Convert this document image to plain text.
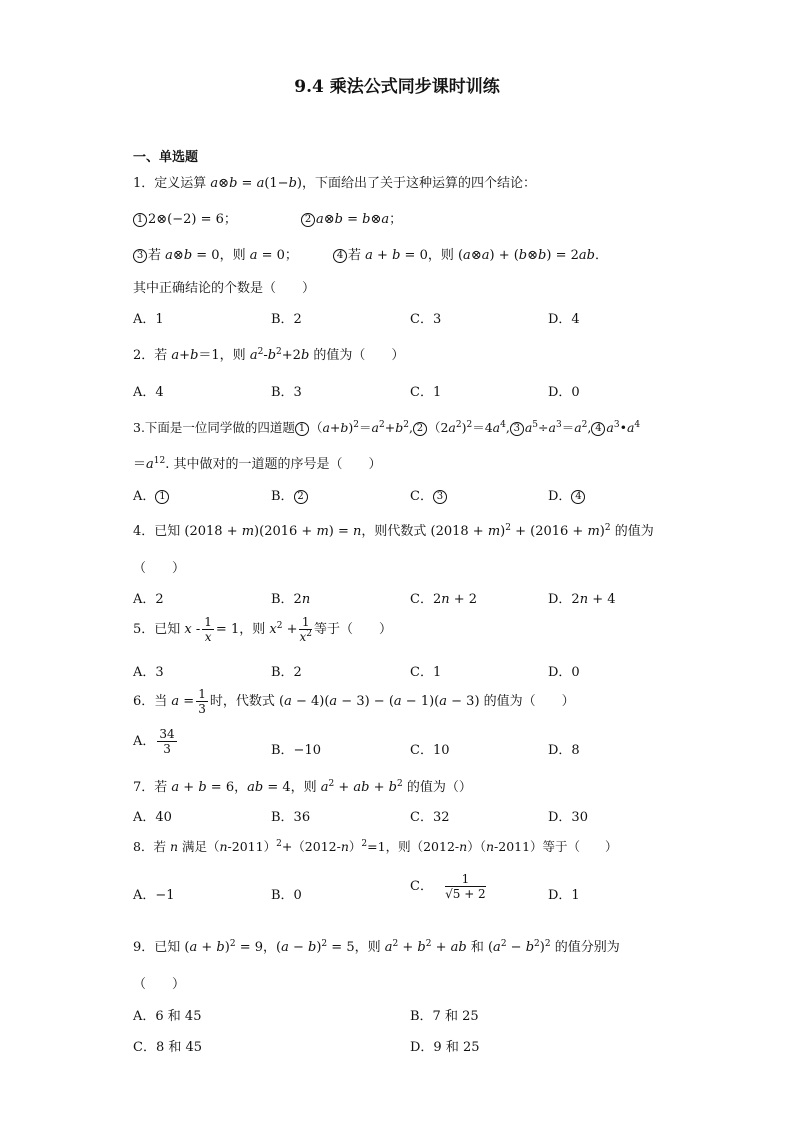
9.4 乘法公式同步课时训练
一、单选题
1．定义运算 a⊗b = a(1−b)，下面给出了关于这种运算的四个结论：
1 2⊗(−2) = 6；	2 a⊗b = b⊗a；
3 若 a⊗b = 0，则 a = 0；	4 若 a + b = 0，则 (a⊗a) + (b⊗b) = 2ab．
其中正确结论的个数是（　　）
A．1	B．2	C．3	D．4
2．若 a+b＝1，则 $a^2-b^2+2b$ 的值为（　　）
A．4	B．3	C．1	D．0
3.下面是一位同学做的四道题 1 $(a+b)^2=a^2+b^2$, 2 $(2a^2)^2=4a^4$, 3 $a^5\div a^3=a^2$, 4 $a^3•a^4$
$=a^{12}$. 其中做对的一道题的序号是（　　）
A． 1	B． 2	C． 3	D． 4
4．已知 (2018 + m)(2016 + m) = n，则代数式 $(2018 + m)^2 + (2016 + m)^2$ 的值为
（　　）
A．2	B．2n	C．2n + 2	D．2n + 4
5．已知 $x - \frac{1}{x} = 1$，则 $x^2 + \frac{1}{x^2}$ 等于（　　）
A．3	B．2	C．1	D．0
6．当 $a = \frac{1}{3}$ 时，代数式 (a − 4)(a − 3) − (a − 1)(a − 3) 的值为（　　）
A． $\frac{34}{3}$	B．−10	C．10	D．8
7．若 a + b = 6，ab = 4，则 $a^2$ + ab + $b^2$ 的值为（）
A．40	B．36	C．32	D．30
8．若 n 满足$(n-2011)^2+(2012-n)^2=1$，则（2012-n）（n-2011）等于（　　）
A．−1	B．0
C． $\frac{1}{√5 + 2}$	D．1
9．已知 $(a + b)^2 = 9$，$(a - b)^2 = 5$，则 $a^2 + b^2$ + ab 和 $(a^2 - b^2)^2$ 的值分别为
（　　）
A．6 和 45	B．7 和 25
C．8 和 45	D．9 和 25
